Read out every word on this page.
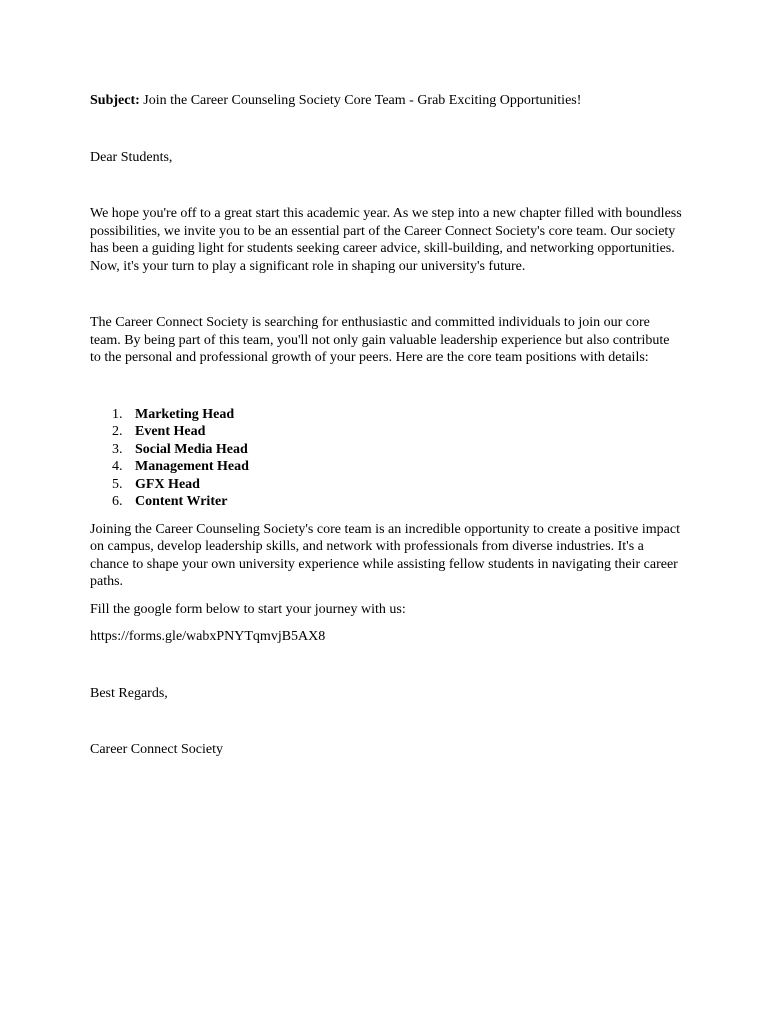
Subject: Join the Career Counseling Society Core Team - Grab Exciting Opportunities!

Dear Students,

We hope you're off to a great start this academic year. As we step into a new chapter filled with boundless possibilities, we invite you to be an essential part of the Career Connect Society's core team. Our society has been a guiding light for students seeking career advice, skill-building, and networking opportunities. Now, it's your turn to play a significant role in shaping our university's future.

The Career Connect Society is searching for enthusiastic and committed individuals to join our core team. By being part of this team, you'll not only gain valuable leadership experience but also contribute to the personal and professional growth of your peers. Here are the core team positions with details:

1. Marketing Head
2. Event Head
3. Social Media Head
4. Management Head
5. GFX Head
6. Content Writer

Joining the Career Counseling Society's core team is an incredible opportunity to create a positive impact on campus, develop leadership skills, and network with professionals from diverse industries. It's a chance to shape your own university experience while assisting fellow students in navigating their career paths.

Fill the google form below to start your journey with us:

https://forms.gle/wabxPNYTqmvjB5AX8

Best Regards,

Career Connect Society
